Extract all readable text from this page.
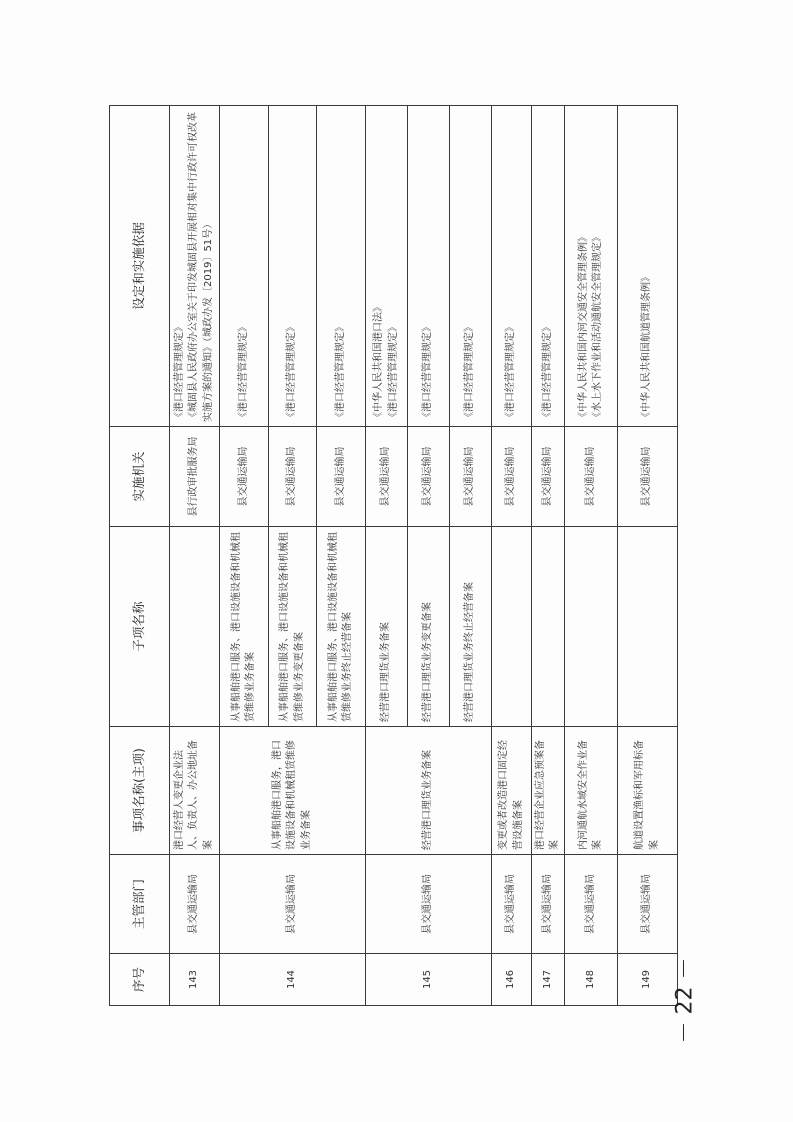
序号	主管部门	事项名称(主项)	子项名称	实施机关	设定和实施依据
143	县交通运输局	港口经营人变更企业法人、负责人、办公地址备案		县行政审批服务局	《港口经营管理规定》 《城固县人民政府办公室关于印发城固县开展相对集中行政许可权改革实施方案的通知》（城政办发〔2019〕51号）

144	县交通运输局	从事船舶港口服务，港口设施设备和机械租赁维修业务备案	从事船舶港口服务、港口设施设备和机械租赁维修业务备案	县交通运输局	《港口经营管理规定》
			从事船舶港口服务、港口设施设备和机械租赁维修业务变更备案	县交通运输局	《港口经营管理规定》
			从事船舶港口服务、港口设施设备和机械租赁维修业务终止经营备案	县交通运输局	《港口经营管理规定》
145	县交通运输局	经营港口理货业务备案	经营港口理货业务备案	县交通运输局	《中华人民共和国港口法》 《港口经营管理规定》

			经营港口理货业务变更备案	县交通运输局	《港口经营管理规定》
			经营港口理货业务终止经营备案	县交通运输局	《港口经营管理规定》
146	县交通运输局	变更或者改造港口固定经营设施备案		县交通运输局	《港口经营管理规定》
147	县交通运输局	港口经营企业应急预案备案		县交通运输局	《港口经营管理规定》
148	县交通运输局	内河通航水域安全作业备案		县交通运输局	《中华人民共和国内河交通安全管理条例》 《水上水下作业和活动通航安全管理规定》

149	县交通运输局	航道设置渔标和军用标备案		县交通运输局	《中华人民共和国航道管理条例》
－ 22 －
